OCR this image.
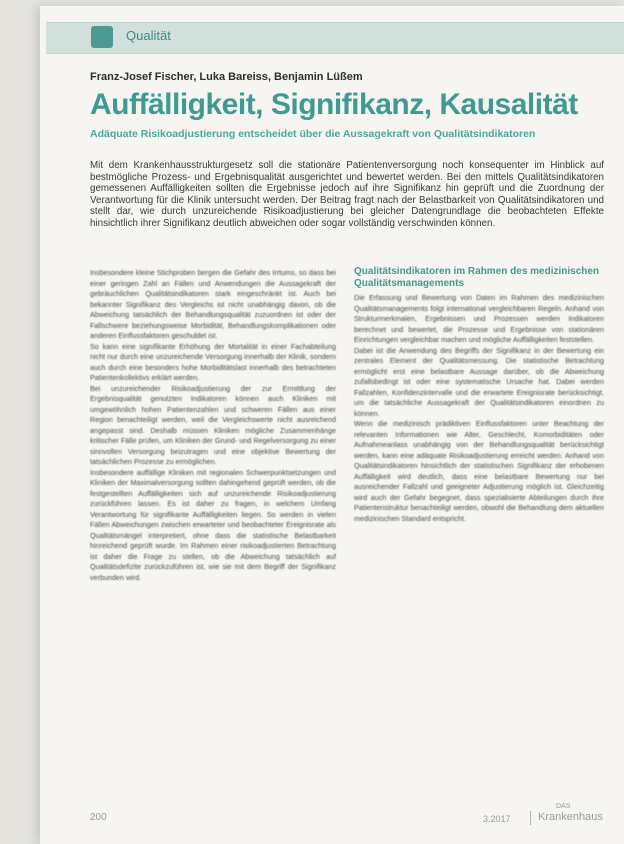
Qualität
Franz-Josef Fischer, Luka Bareiss, Benjamin Lüßem
Auffälligkeit, Signifikanz, Kausalität
Adäquate Risikoadjustierung entscheidet über die Aussagekraft von Qualitätsindikatoren
Mit dem Krankenhausstrukturgesetz soll die stationäre Patientenversorgung noch konsequenter im Hinblick auf bestmögliche Prozess- und Ergebnisqualität ausgerichtet und bewertet werden. Bei den mittels Qualitätsindikatoren gemessenen Auffälligkeiten sollten die Ergebnisse jedoch auf ihre Signifikanz hin geprüft und die Zuordnung der Verantwortung für die Klinik untersucht werden. Der Beitrag fragt nach der Belastbarkeit von Qualitätsindikatoren und stellt dar, wie durch unzureichende Risikoadjustierung bei gleicher Datengrundlage die beobachteten Effekte hinsichtlich ihrer Signifikanz deutlich abweichen oder sogar vollständig verschwinden können.

Insbesondere kleine Stichproben bergen die Gefahr des Irrtums, so dass bei einer geringen Zahl an Fällen und Anwendungen die Aussagekraft der gebräuchlichen Qualitätsindikatoren stark eingeschränkt ist. Auch bei bekannter Signifikanz des Vergleichs ist nicht unabhängig davon, ob die Abweichung tatsächlich der Behandlungsqualität zuzuordnen ist oder der Fallschwere beziehungsweise Morbidität, Behandlungskomplikationen oder anderen Einflussfaktoren geschuldet ist.

So kann eine signifikante Erhöhung der Mortalität in einer Fachabteilung nicht nur durch eine unzureichende Versorgung innerhalb der Klinik, sondern auch durch eine besonders hohe Morbiditätslast innerhalb des betrachteten Patientenkollektivs erklärt werden.

Bei unzureichender Risikoadjustierung der zur Ermittlung der Ergebnisqualität genutzten Indikatoren können auch Kliniken mit umgewöhnlich hohen Patientenzahlen und schweren Fällen aus einer Region benachteiligt werden, weil die Vergleichswerte nicht ausreichend angepasst sind. Deshalb müssen Kliniken mögliche Zusammenhänge kritischer Fälle prüfen, um Kliniken der Grund- und Regelversorgung zu einer sinnvollen Versorgung beizutragen und eine objektive Bewertung der tatsächlichen Prozesse zu ermöglichen.

Insbesondere auffällige Kliniken mit regionalen Schwerpunktsetzungen und Kliniken der Maximalversorgung sollten dahingehend geprüft werden, ob die festgestellten Auffälligkeiten sich auf unzureichende Risikoadjustierung zurückführen lassen. Es ist daher zu fragen, in welchem Umfang Verantwortung für signifikante Auffälligkeiten liegen. So werden in vielen Fällen Abweichungen zwischen erwarteter und beobachteter Ereignisrate als Qualitätsmängel interpretiert, ohne dass die statistische Belastbarkeit hinreichend geprüft wurde. Im Rahmen einer risikoadjustierten Betrachtung ist daher die Frage zu stellen, ob die Abweichung tatsächlich auf Qualitätsdefizite zurückzuführen ist, wie sie mit dem Begriff der Signifikanz verbunden wird.

Qualitätsindikatoren im Rahmen des medizinischen Qualitätsmanagements

Die Erfassung und Bewertung von Daten im Rahmen des medizinischen Qualitätsmanagements folgt international vergleichbaren Regeln. Anhand von Strukturmerkmalen, Ergebnissen und Prozessen werden Indikatoren berechnet und bewertet, die Prozesse und Ergebnisse von stationären Einrichtungen vergleichbar machen und mögliche Auffälligkeiten feststellen.

Dabei ist die Anwendung des Begriffs der Signifikanz in der Bewertung ein zentrales Element der Qualitätsmessung. Die statistische Betrachtung ermöglicht erst eine belastbare Aussage darüber, ob die Abweichung zufallsbedingt ist oder eine systematische Ursache hat. Dabei werden Fallzahlen, Konfidenzintervalle und die erwartete Ereignisrate berücksichtigt, um die tatsächliche Aussagekraft der Qualitätsindikatoren einordnen zu können.

Wenn die medizinisch prädiktiven Einflussfaktoren unter Beachtung der relevanten Informationen wie Alter, Geschlecht, Komorbiditäten oder Aufnahmeanlass unabhängig von der Behandlungsqualität berücksichtigt werden, kann eine adäquate Risikoadjustierung erreicht werden. Anhand von Qualitätsindikatoren hinsichtlich der statistischen Signifikanz der erhobenen Auffälligkeit wird deutlich, dass eine belastbare Bewertung nur bei ausreichender Fallzahl und geeigneter Adjustierung möglich ist. Gleichzeitig wird auch der Gefahr begegnet, dass spezialisierte Abteilungen durch ihre Patientenstruktur benachteiligt werden, obwohl die Behandlung dem aktuellen medizinischen Standard entspricht.

200	3.2017
DAS
Krankenhaus
